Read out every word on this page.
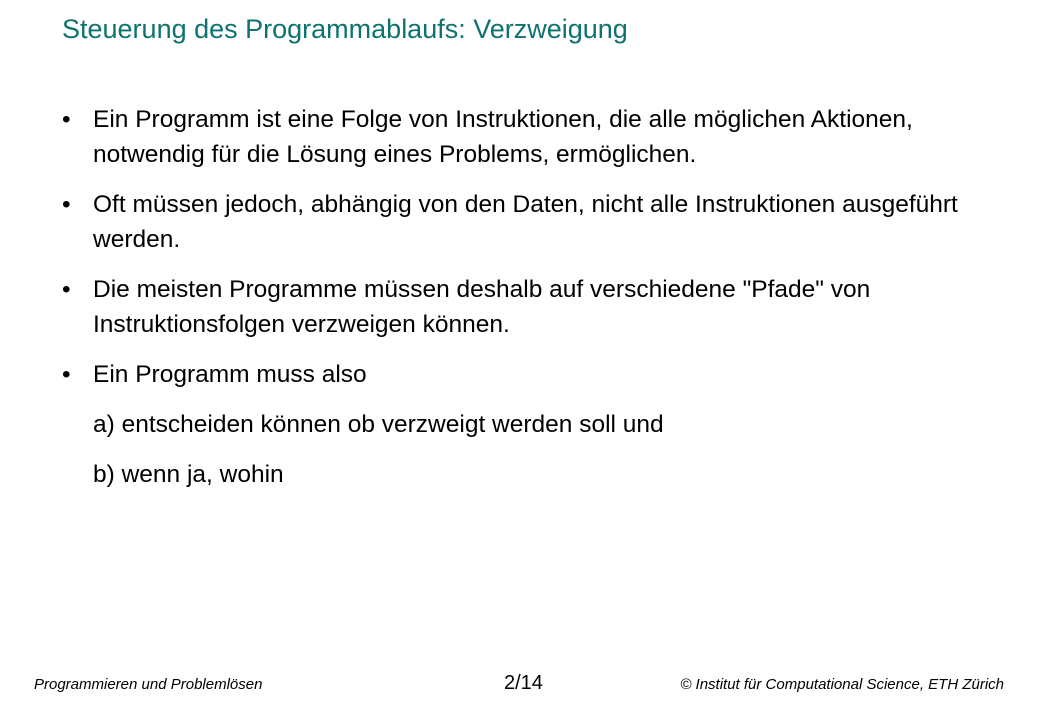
Steuerung des Programmablaufs: Verzweigung
• Ein Programm ist eine Folge von Instruktionen, die alle möglichen Aktionen, notwendig für die Lösung eines Problems, ermöglichen.
• Oft müssen jedoch, abhängig von den Daten, nicht alle Instruktionen ausgeführt werden.
• Die meisten Programme müssen deshalb auf verschiedene "Pfade" von Instruktionsfolgen verzweigen können.
• Ein Programm muss also
a) entscheiden können ob verzweigt werden soll und
b) wenn ja, wohin
Programmieren und Problemlösen	2/14	© Institut für Computational Science, ETH Zürich
